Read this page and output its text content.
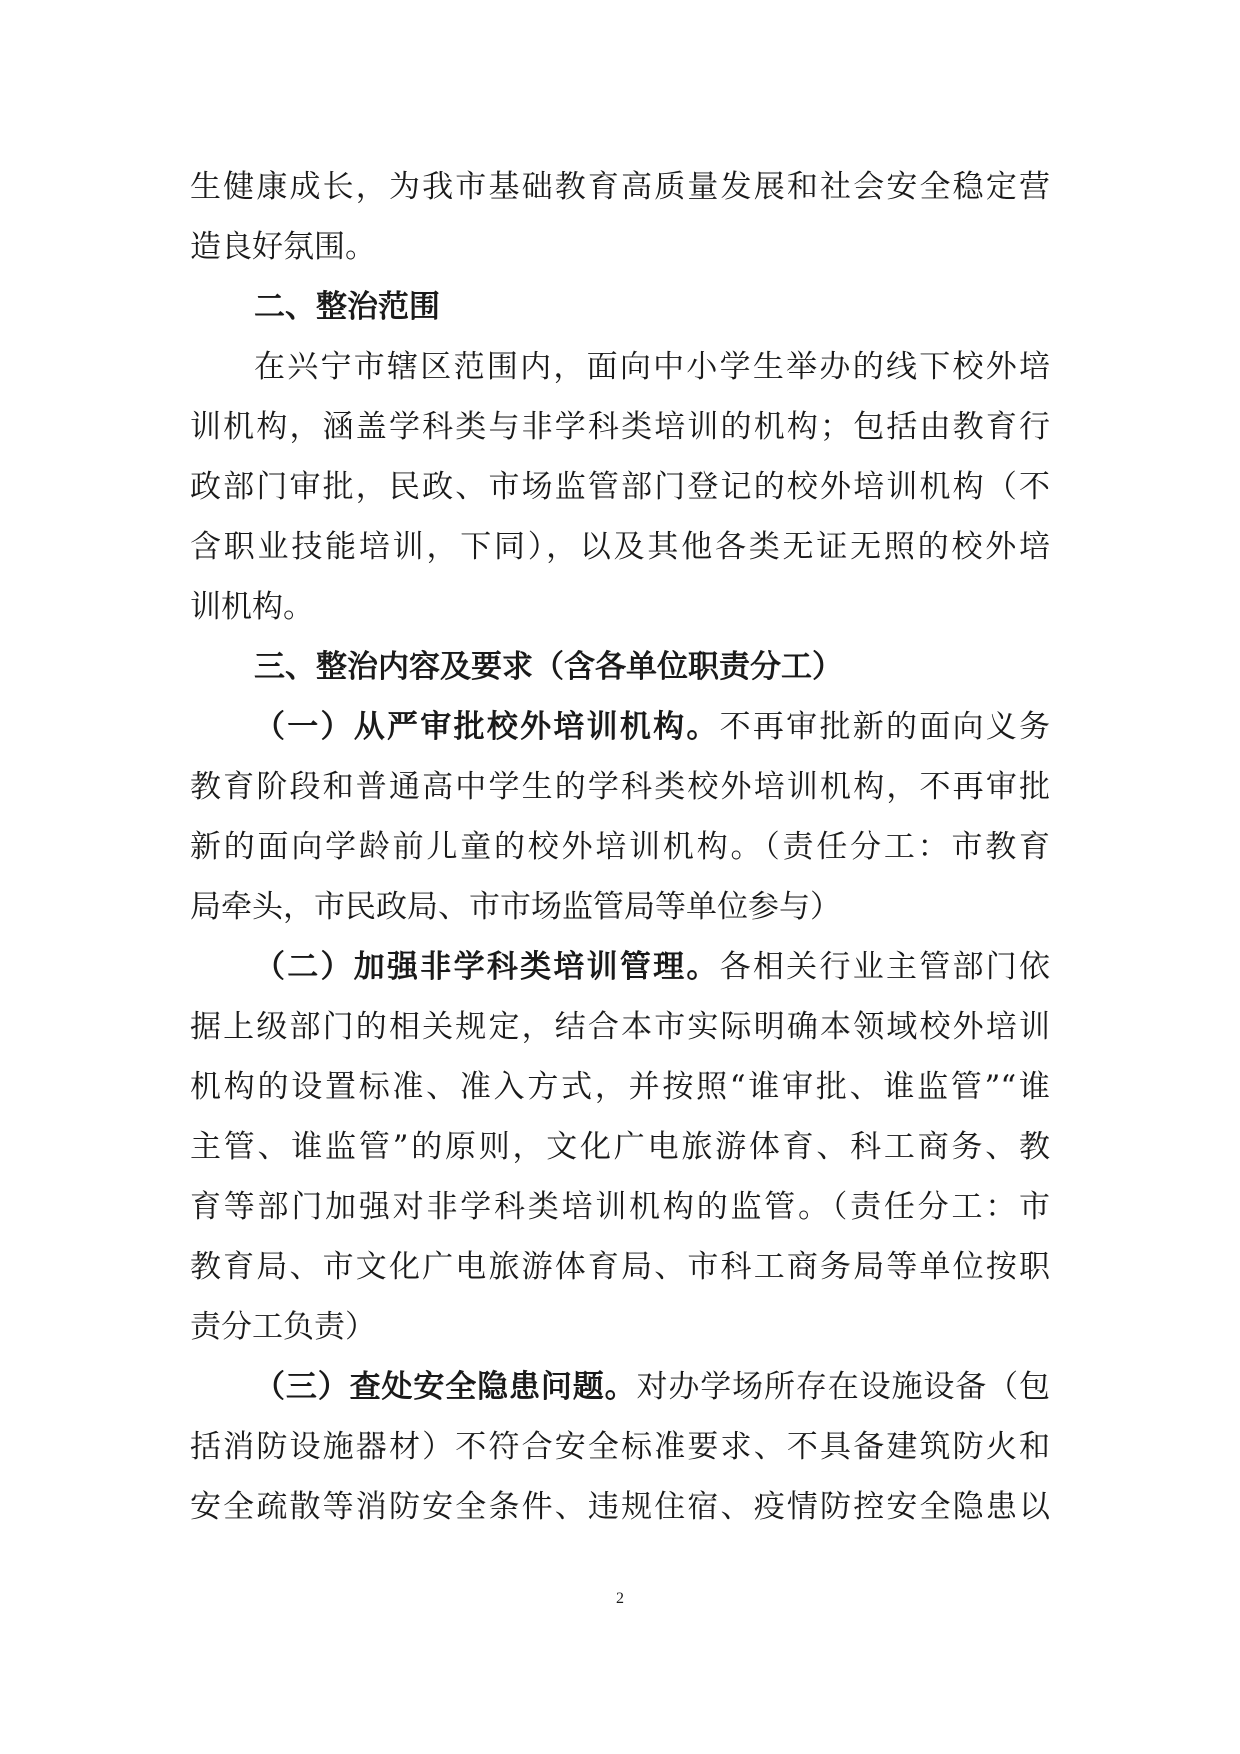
生健康成长，为我市基础教育高质量发展和社会安全稳定营
造良好氛围。
二、整治范围
在兴宁市辖区范围内，面向中小学生举办的线下校外培
训机构，涵盖学科类与非学科类培训的机构；包括由教育行
政部门审批，民政、市场监管部门登记的校外培训机构（不
含职业技能培训，下同），以及其他各类无证无照的校外培
训机构。
三、整治内容及要求（含各单位职责分工）
（一）从严审批校外培训机构。不再审批新的面向义务
教育阶段和普通高中学生的学科类校外培训机构，不再审批
新的面向学龄前儿童的校外培训机构。（责任分工：市教育
局牵头，市民政局、市市场监管局等单位参与）
（二）加强非学科类培训管理。各相关行业主管部门依
据上级部门的相关规定，结合本市实际明确本领域校外培训
机构的设置标准、准入方式，并按照“谁审批、谁监管”“谁
主管、谁监管”的原则，文化广电旅游体育、科工商务、教
育等部门加强对非学科类培训机构的监管。（责任分工：市
教育局、市文化广电旅游体育局、市科工商务局等单位按职
责分工负责）
（三）查处安全隐患问题。对办学场所存在设施设备（包
括消防设施器材）不符合安全标准要求、不具备建筑防火和
安全疏散等消防安全条件、违规住宿、疫情防控安全隐患以
2
